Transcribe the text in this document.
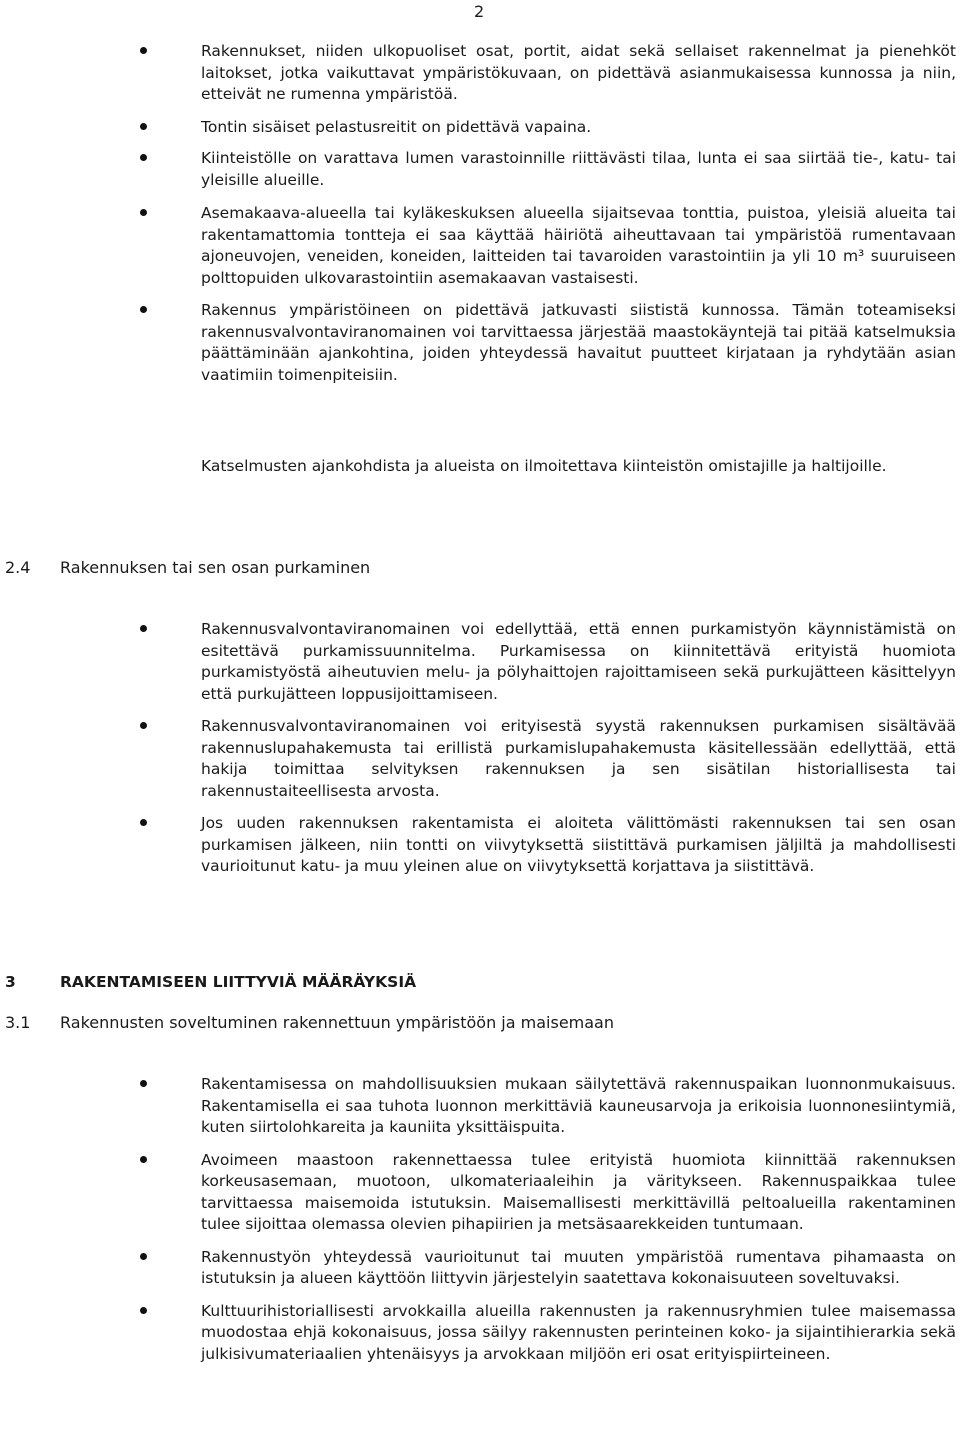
2
Rakennukset, niiden ulkopuoliset osat, portit, aidat sekä sellaiset rakennelmat ja pienehköt laitokset, jotka vaikuttavat ympäristökuvaan, on pidettävä asianmukaisessa kunnossa ja niin, etteivät ne rumenna ympäristöä.
Tontin sisäiset pelastusreitit on pidettävä vapaina.
Kiinteistölle on varattava lumen varastoinnille riittävästi tilaa, lunta ei saa siirtää tie-, katu- tai yleisille alueille.
Asemakaava-alueella tai kyläkeskuksen alueella sijaitsevaa tonttia, puistoa, yleisiä alueita tai rakentamattomia tontteja ei saa käyttää häiriötä aiheuttavaan tai ympäristöä rumentavaan ajoneuvojen, veneiden, koneiden, laitteiden tai tavaroiden varastointiin ja yli 10 m³ suuruiseen polttopuiden ulkovarastointiin asemakaavan vastaisesti.
Rakennus ympäristöineen on pidettävä jatkuvasti siististä kunnossa. Tämän toteamiseksi rakennusvalvontaviranomainen voi tarvittaessa järjestää maastokäyntejä tai pitää katselmuksia päättäminään ajankohtina, joiden yhteydessä havaitut puutteet kirjataan ja ryhdytään asian vaatimiin toimenpiteisiin.
Katselmusten ajankohdista ja alueista on ilmoitettava kiinteistön omistajille ja haltijoille.
2.4 Rakennuksen tai sen osan purkaminen
Rakennusvalvontaviranomainen voi edellyttää, että ennen purkamistyön käynnistämistä on esitettävä purkamissuunnitelma. Purkamisessa on kiinnitettävä erityistä huomiota purkamistyöstä aiheutuvien melu- ja pölyhaittojen rajoittamiseen sekä purkujätteen käsittelyyn että purkujätteen loppusijoittamiseen.
Rakennusvalvontaviranomainen voi erityisestä syystä rakennuksen purkamisen sisältävää rakennuslupahakemusta tai erillistä purkamislupahakemusta käsitellessään edellyttää, että hakija toimittaa selvityksen rakennuksen ja sen sisätilan historiallisesta tai rakennustaiteellisesta arvosta.
Jos uuden rakennuksen rakentamista ei aloiteta välittömästi rakennuksen tai sen osan purkamisen jälkeen, niin tontti on viivytyksettä siistittävä purkamisen jäljiltä ja mahdollisesti vaurioitunut katu- ja muu yleinen alue on viivytyksettä korjattava ja siistittävä.
3	RAKENTAMISEEN LIITTYVIÄ MÄÄRÄYKSIÄ
3.1 Rakennusten soveltuminen rakennettuun ympäristöön ja maisemaan
Rakentamisessa on mahdollisuuksien mukaan säilytettävä rakennuspaikan luonnonmukaisuus. Rakentamisella ei saa tuhota luonnon merkittäviä kauneusarvoja ja erikoisia luonnonesiintymiä, kuten siirtolohkareita ja kauniita yksittäispuita.
Avoimeen maastoon rakennettaessa tulee erityistä huomiota kiinnittää rakennuksen korkeusasemaan, muotoon, ulkomateriaaleihin ja väritykseen. Rakennuspaikkaa tulee tarvittaessa maisemoida istutuksin. Maisemallisesti merkittävillä peltoalueilla rakentaminen tulee sijoittaa olemassa olevien pihapiirien ja metsäsaarekkeiden tuntumaan.
Rakennustyön yhteydessä vaurioitunut tai muuten ympäristöä rumentava pihamaasta on istutuksin ja alueen käyttöön liittyvin järjestelyin saatettava kokonaisuuteen soveltuvaksi.
Kulttuurihistoriallisesti arvokkailla alueilla rakennusten ja rakennusryhmien tulee maisemassa muodostaa ehjä kokonaisuus, jossa säilyy rakennusten perinteinen koko- ja sijaintihierarkia sekä julkisivumateriaalien yhtenäisyys ja arvokkaan miljöön eri osat erityispiirteineen.
